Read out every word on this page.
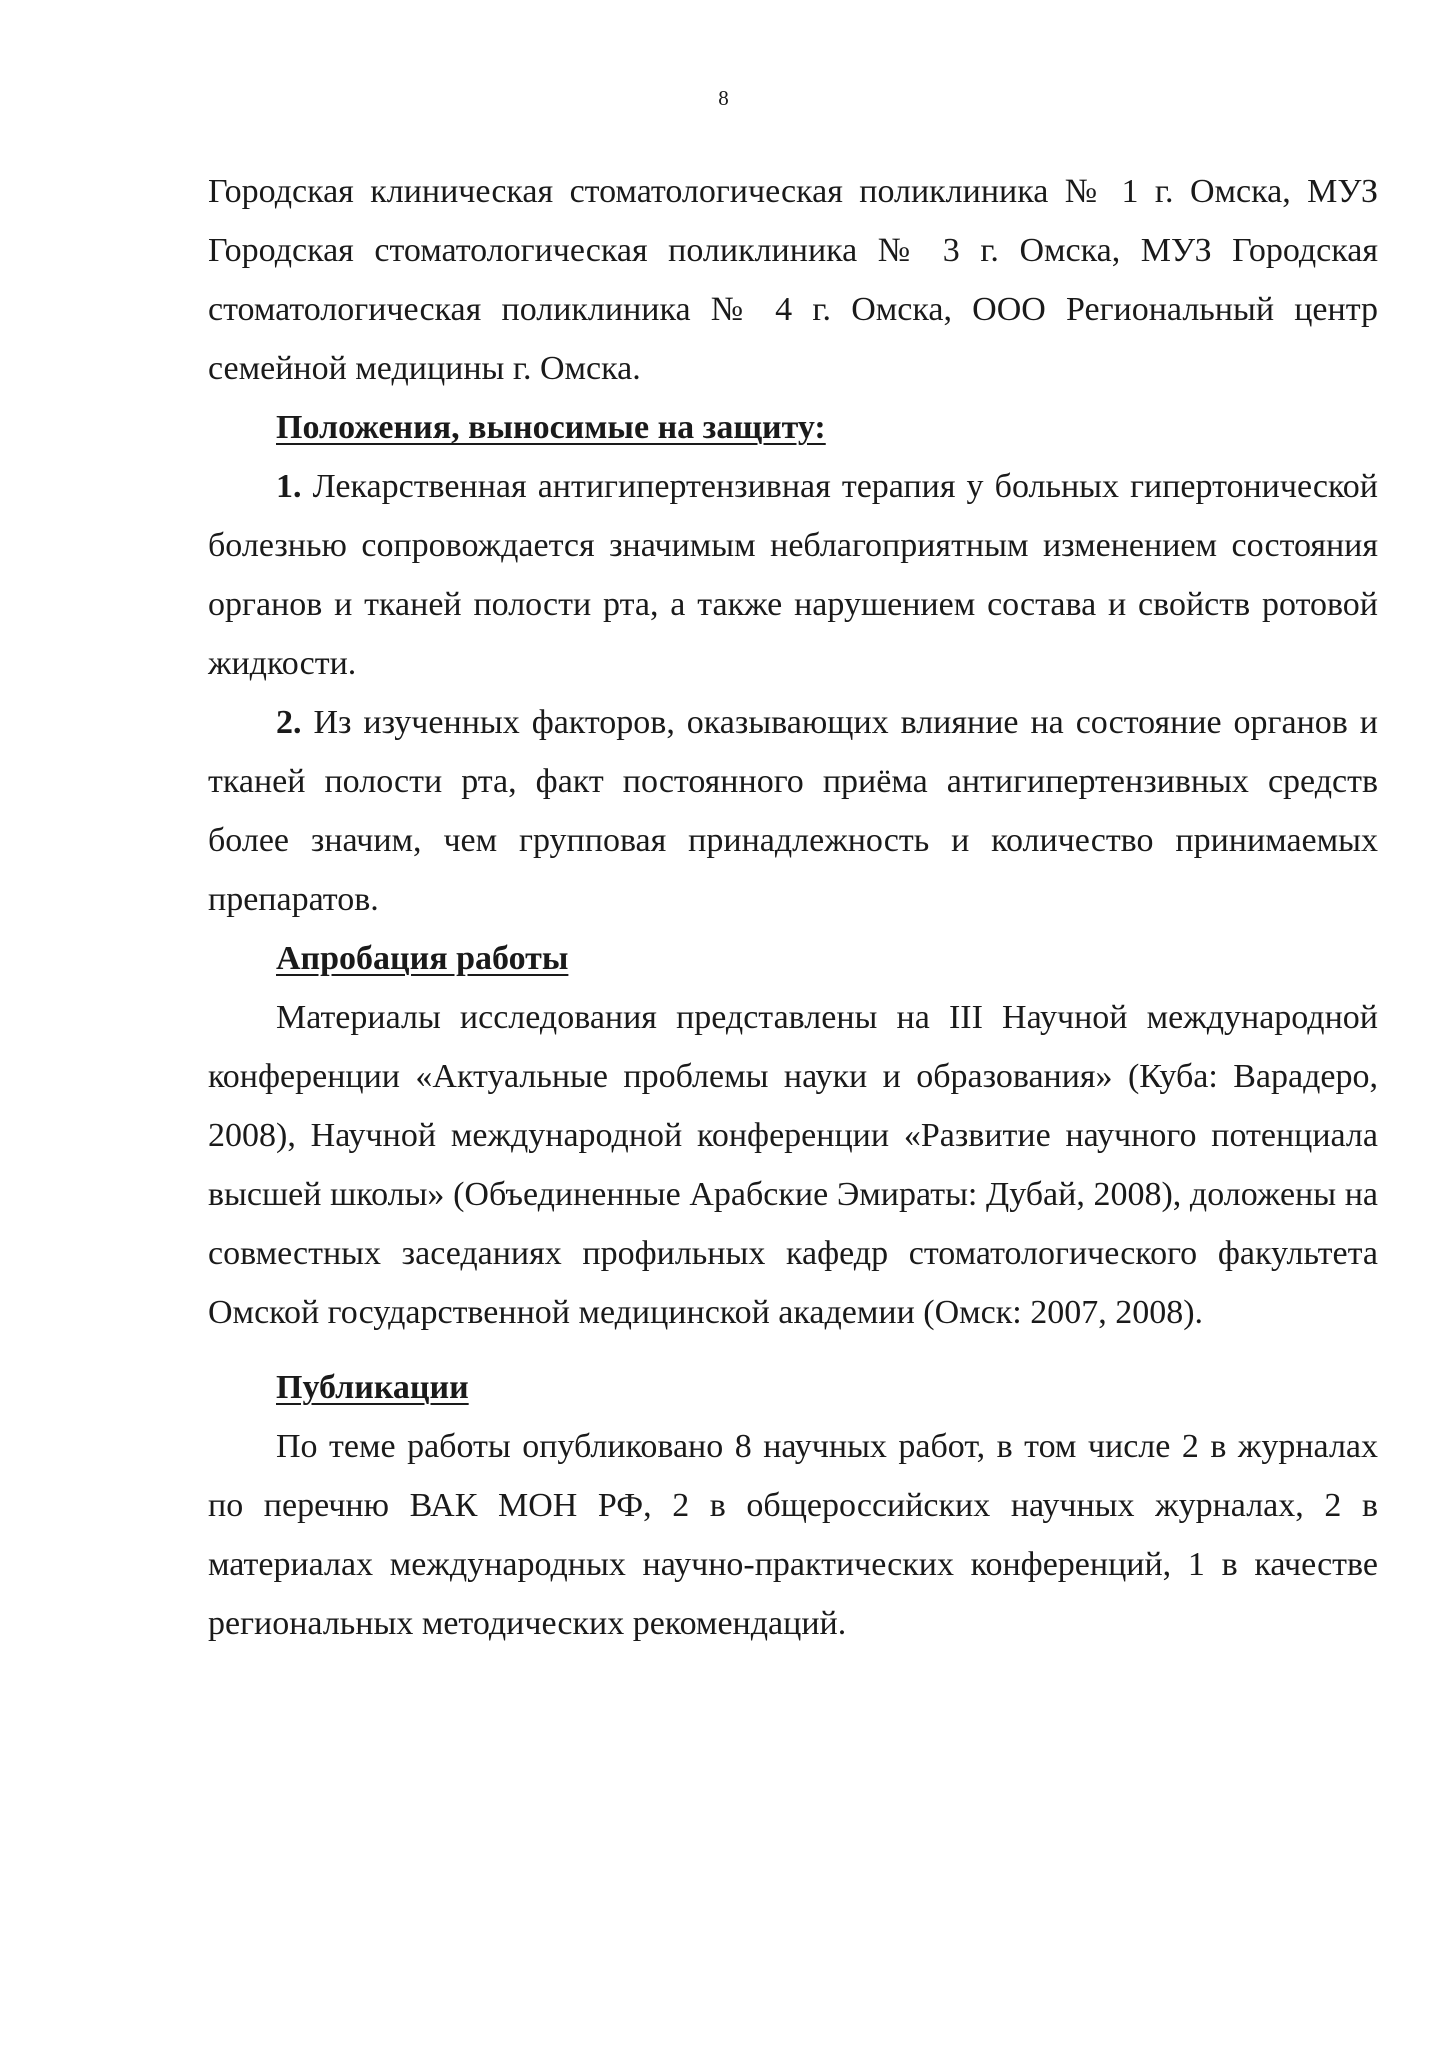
8

Городская клиническая стоматологическая поликлиника № 1 г. Омска, МУЗ Городская стоматологическая поликлиника № 3 г. Омска, МУЗ Городская стоматологическая поликлиника № 4 г. Омска, ООО Региональный центр семейной медицины г. Омска.

Положения, выносимые на защиту:

1. Лекарственная антигипертензивная терапия у больных гипертонической болезнью сопровождается значимым неблагоприятным изменением состояния органов и тканей полости рта, а также нарушением состава и свойств ротовой жидкости.

2. Из изученных факторов, оказывающих влияние на состояние органов и тканей полости рта, факт постоянного приёма антигипертензивных средств более значим, чем групповая принадлежность и количество принимаемых препаратов.

Апробация работы

Материалы исследования представлены на III Научной международной конференции «Актуальные проблемы науки и образования» (Куба: Варадеро, 2008), Научной международной конференции «Развитие научного потенциала высшей школы» (Объединенные Арабские Эмираты: Дубай, 2008), доложены на совместных заседаниях профильных кафедр стоматологического факультета Омской государственной медицинской академии (Омск: 2007, 2008).

Публикации

По теме работы опубликовано 8 научных работ, в том числе 2 в журналах по перечню ВАК МОН РФ, 2 в общероссийских научных журналах, 2 в материалах международных научно-практических конференций, 1 в качестве региональных методических рекомендаций.
